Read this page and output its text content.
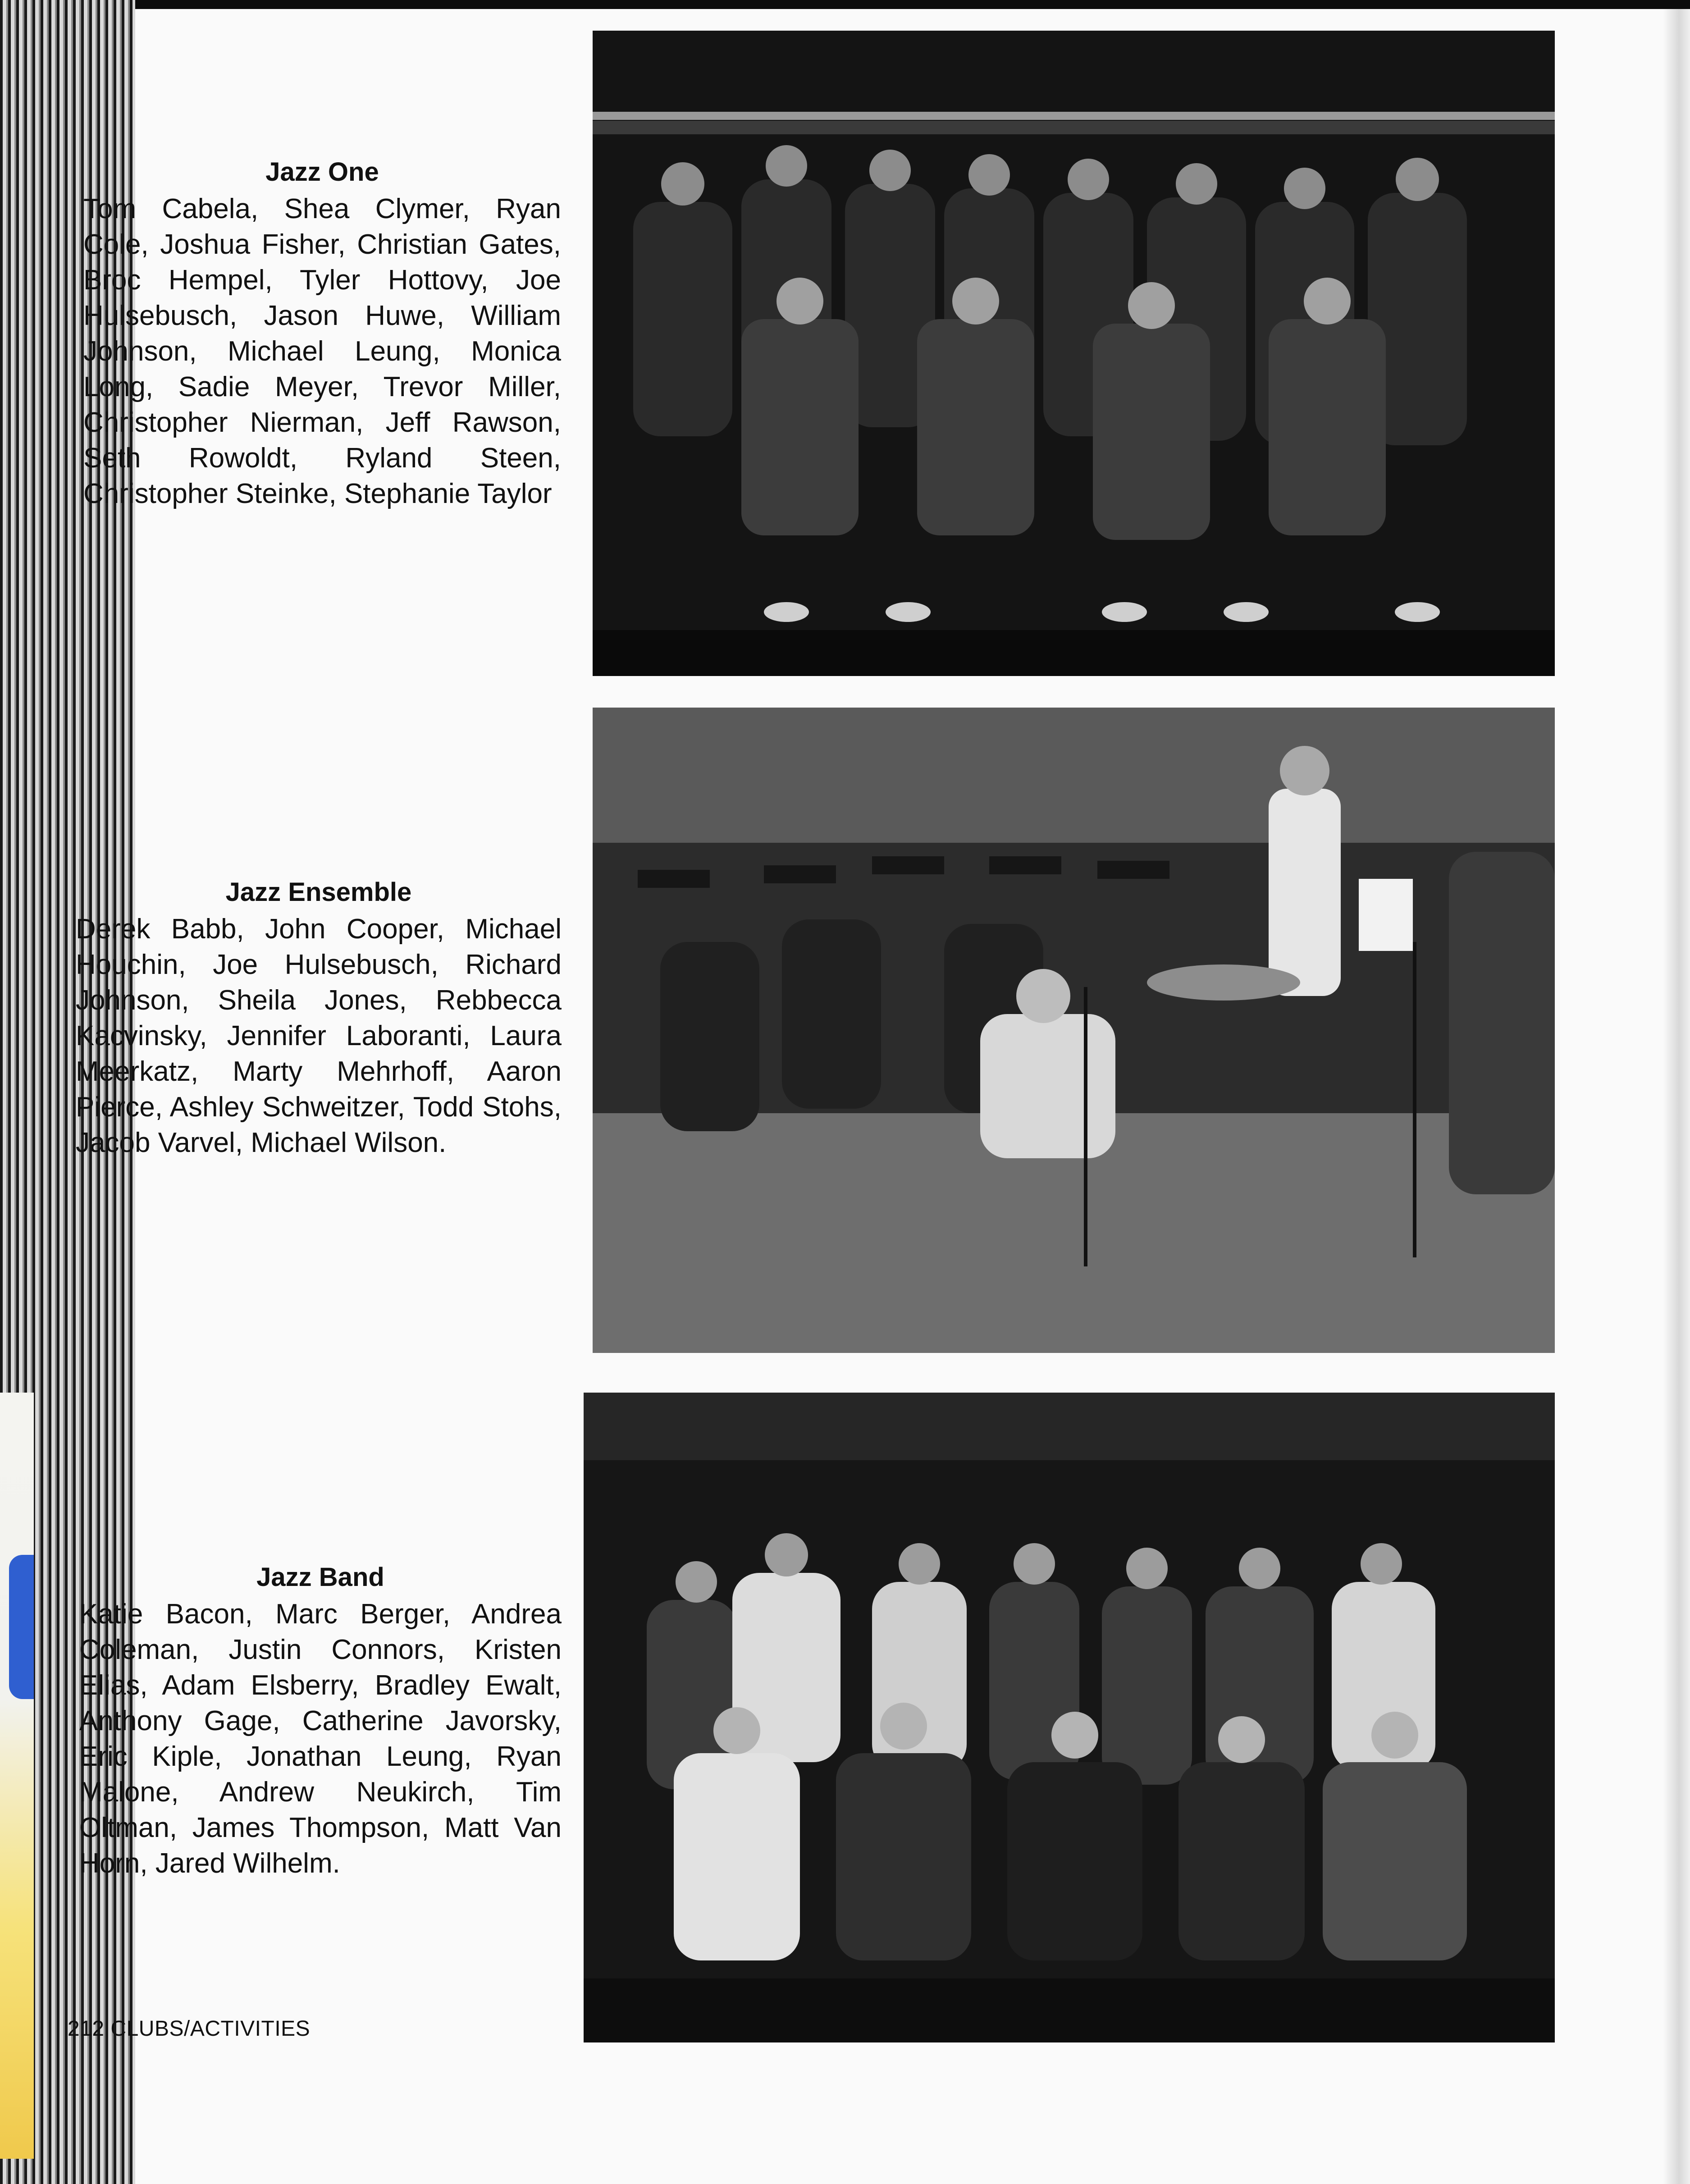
Jazz One

Tom Cabela, Shea Clymer, Ryan Cole, Joshua Fisher, Christian Gates, Broc Hempel, Tyler Hottovy, Joe Hulsebusch, Jason Huwe, William Johnson, Michael Leung, Monica Long, Sadie Meyer, Trevor Miller, Christopher Nierman, Jeff Rawson, Seth Rowoldt, Ryland Steen, Christopher Steinke, Stephanie Taylor

Jazz Ensemble

Derek Babb, John Cooper, Michael Houchin, Joe Hulsebusch, Richard Johnson, Sheila Jones, Rebbecca Kacvinsky, Jennifer Laboranti, Laura Meerkatz, Marty Mehrhoff, Aaron Pierce, Ashley Schweitzer, Todd Stohs, Jacob Varvel, Michael Wilson.

Jazz Band

Katie Bacon, Marc Berger, Andrea Coleman, Justin Connors, Kristen Elias, Adam Elsberry, Bradley Ewalt, Anthony Gage, Catherine Javorsky, Eric Kiple, Jonathan Leung, Ryan Malone, Andrew Neukirch, Tim Oltman, James Thompson, Matt Van Horn, Jared Wilhelm.

212 CLUBS/ACTIVITIES
